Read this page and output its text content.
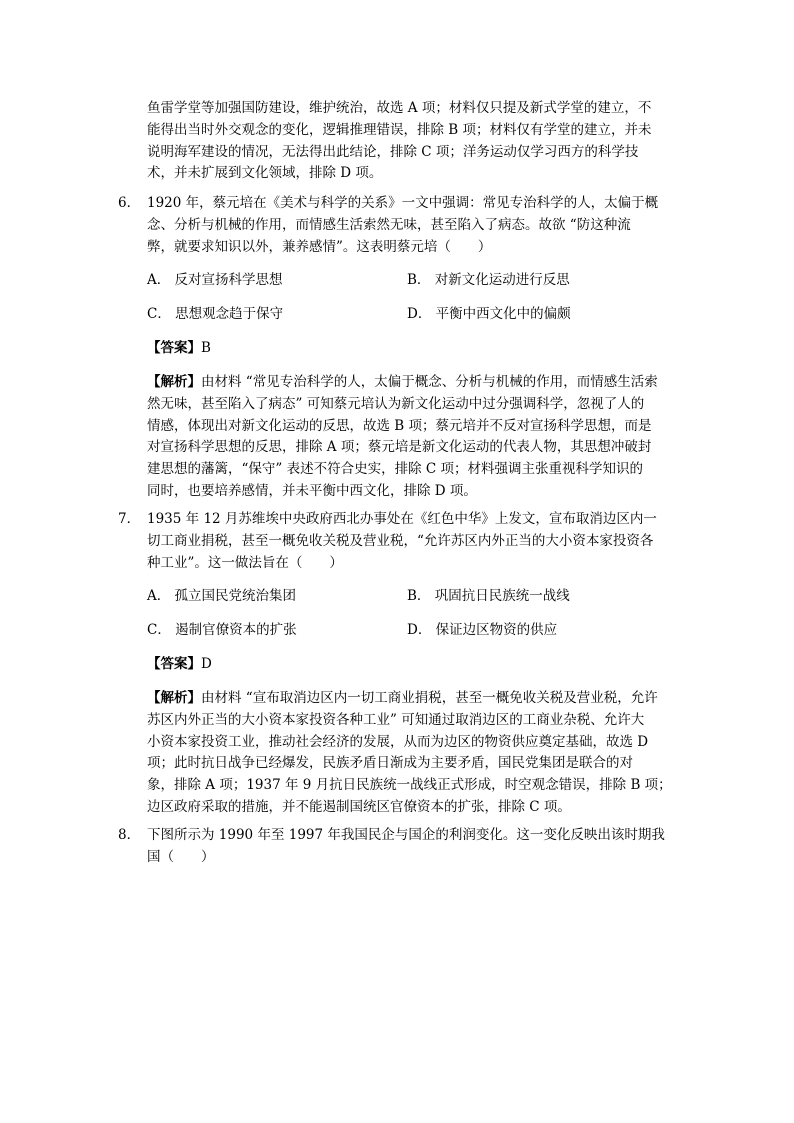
鱼雷学堂等加强国防建设，维护统治，故选 A 项；材料仅只提及新式学堂的建立，不
能得出当时外交观念的变化，逻辑推理错误，排除 B 项；材料仅有学堂的建立，并未
说明海军建设的情况，无法得出此结论，排除 C 项；洋务运动仅学习西方的科学技
术，并未扩展到文化领域，排除 D 项。
6． 1920 年，蔡元培在《美术与科学的关系》一文中强调：常见专治科学的人，太偏于概
念、分析与机械的作用，而情感生活索然无味，甚至陷入了病态。故欲 “防这种流
弊，就要求知识以外，兼养感情”。这表明蔡元培（　　）
A． 反对宣扬科学思想	B． 对新文化运动进行反思
C． 思想观念趋于保守	D． 平衡中西文化中的偏颇
【答案】B
【解析】由材料 “常见专治科学的人，太偏于概念、分析与机械的作用，而情感生活索
然无味，甚至陷入了病态” 可知蔡元培认为新文化运动中过分强调科学，忽视了人的
情感，体现出对新文化运动的反思，故选 B 项；蔡元培并不反对宣扬科学思想，而是
对宣扬科学思想的反思，排除 A 项；蔡元培是新文化运动的代表人物，其思想冲破封
建思想的藩篱，“保守” 表述不符合史实，排除 C 项；材料强调主张重视科学知识的
同时，也要培养感情，并未平衡中西文化，排除 D 项。
7． 1935 年 12 月苏维埃中央政府西北办事处在《红色中华》上发文，宣布取消边区内一
切工商业捐税，甚至一概免收关税及营业税，“允许苏区内外正当的大小资本家投资各
种工业”。这一做法旨在（　　）
A． 孤立国民党统治集团	B． 巩固抗日民族统一战线
C． 遏制官僚资本的扩张	D． 保证边区物资的供应
【答案】D
【解析】由材料 “宣布取消边区内一切工商业捐税，甚至一概免收关税及营业税，允许
苏区内外正当的大小资本家投资各种工业” 可知通过取消边区的工商业杂税、允许大
小资本家投资工业，推动社会经济的发展，从而为边区的物资供应奠定基础，故选 D
项；此时抗日战争已经爆发，民族矛盾日渐成为主要矛盾，国民党集团是联合的对
象，排除 A 项；1937 年 9 月抗日民族统一战线正式形成，时空观念错误，排除 B 项；
边区政府采取的措施，并不能遏制国统区官僚资本的扩张，排除 C 项。
8． 下图所示为 1990 年至 1997 年我国民企与国企的利润变化。这一变化反映出该时期我
国（　　）
